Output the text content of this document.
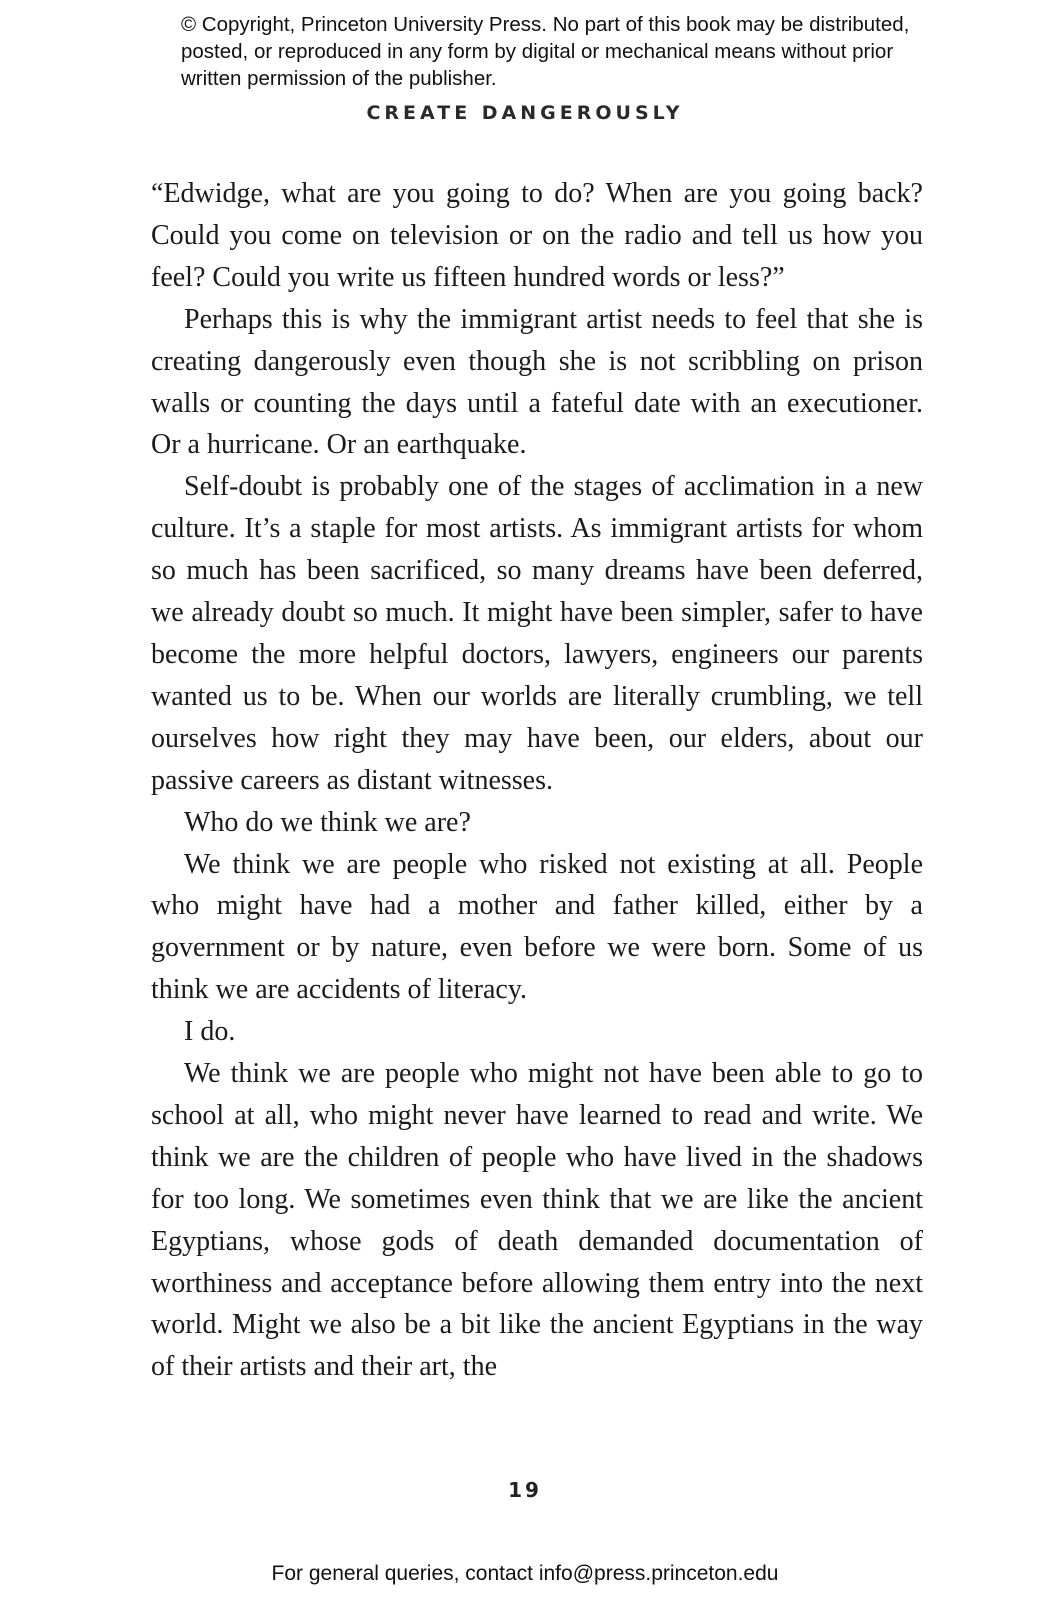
© Copyright, Princeton University Press. No part of this book may be distributed, posted, or reproduced in any form by digital or mechanical means without prior written permission of the publisher.
CREATE DANGEROUSLY

“Edwidge, what are you going to do? When are you going back? Could you come on television or on the radio and tell us how you feel? Could you write us fifteen hundred words or less?”

Perhaps this is why the immigrant artist needs to feel that she is creating dangerously even though she is not scribbling on prison walls or counting the days until a fateful date with an executioner. Or a hurricane. Or an earthquake.

Self-doubt is probably one of the stages of acclimation in a new culture. It’s a staple for most artists. As immigrant artists for whom so much has been sacrificed, so many dreams have been deferred, we already doubt so much. It might have been simpler, safer to have become the more helpful doctors, lawyers, engineers our parents wanted us to be. When our worlds are literally crumbling, we tell ourselves how right they may have been, our elders, about our passive careers as distant witnesses.

Who do we think we are?

We think we are people who risked not existing at all. People who might have had a mother and father killed, either by a government or by nature, even before we were born. Some of us think we are accidents of literacy.

I do.

We think we are people who might not have been able to go to school at all, who might never have learned to read and write. We think we are the children of people who have lived in the shadows for too long. We sometimes even think that we are like the ancient Egyptians, whose gods of death demanded documentation of worthiness and acceptance before allowing them entry into the next world. Might we also be a bit like the ancient Egyptians in the way of their artists and their art, the

19
For general queries, contact info@press.princeton.edu
